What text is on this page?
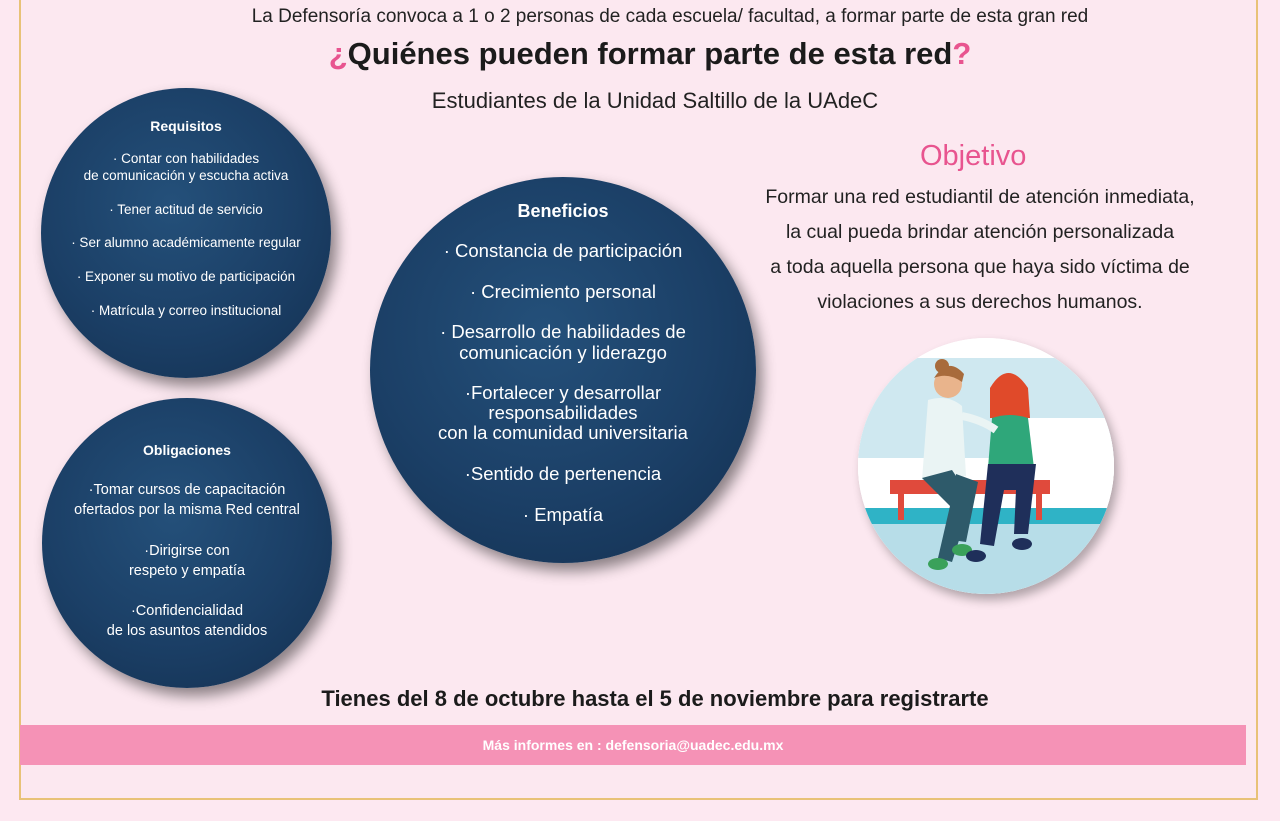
La Defensoría convoca a 1 o 2 personas de cada escuela/ facultad, a formar parte de esta gran red
¿Quiénes pueden formar parte de esta red?
Estudiantes de la Unidad Saltillo de la UAdeC
Requisitos
· Contar con habilidades
de comunicación y escucha activa
· Tener actitud de servicio
· Ser alumno académicamente regular
· Exponer su motivo de participación
· Matrícula y correo institucional
Obligaciones
·Tomar cursos de capacitación
ofertados por la misma Red central
·Dirigirse con
respeto y empatía
·Confidencialidad
de los asuntos atendidos
Beneficios
· Constancia de participación
· Crecimiento personal
· Desarrollo de habilidades de
comunicación y liderazgo
·Fortalecer y desarrollar
responsabilidades
con la comunidad universitaria
·Sentido de pertenencia
· Empatía
Objetivo
Formar una red estudiantil de atención inmediata,
la cual pueda brindar atención personalizada
a toda aquella persona que haya sido víctima de
violaciones a sus derechos humanos.
Tienes del 8 de octubre hasta el 5 de noviembre para registrarte
Más informes en : defensoria@uadec.edu.mx
